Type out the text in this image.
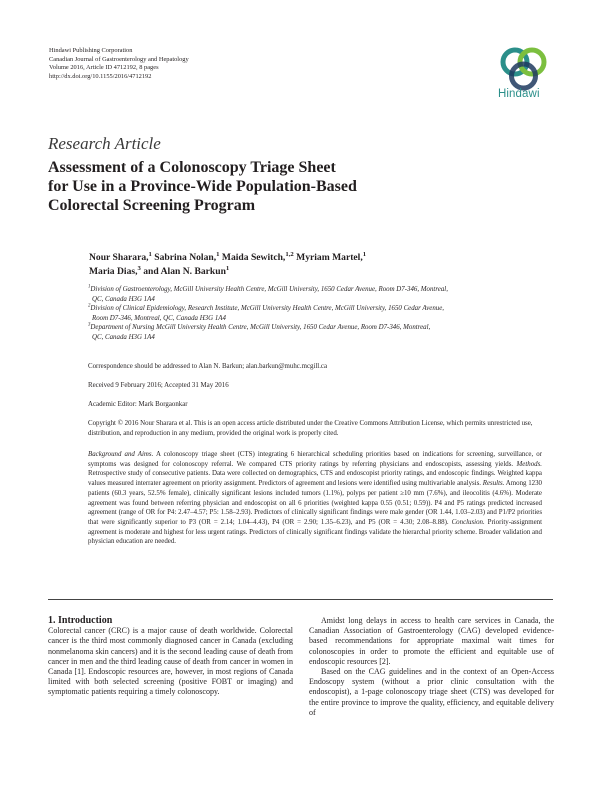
Hindawi Publishing Corporation
Canadian Journal of Gastroenterology and Hepatology
Volume 2016, Article ID 4712192, 8 pages
http://dx.doi.org/10.1155/2016/4712192
Hindawi
Research Article
Assessment of a Colonoscopy Triage Sheet
for Use in a Province-Wide Population-Based
Colorectal Screening Program
Nour Sharara,$^1$ Sabrina Nolan,$^1$ Maida Sewitch,$^{1,2}$ Myriam Martel,$^1$
Maria Dias,$^3$ and Alan N. Barkun$^1$
$^1$Division of Gastroenterology, McGill University Health Centre, McGill University, 1650 Cedar Avenue, Room D7-346, Montreal,
QC, Canada H3G 1A4
$^2$Division of Clinical Epidemiology, Research Institute, McGill University Health Centre, McGill University, 1650 Cedar Avenue,
Room D7-346, Montreal, QC, Canada H3G 1A4
$^3$Department of Nursing McGill University Health Centre, McGill University, 1650 Cedar Avenue, Room D7-346, Montreal,
QC, Canada H3G 1A4
Correspondence should be addressed to Alan N. Barkun; alan.barkun@muhc.mcgill.ca
Received 9 February 2016; Accepted 31 May 2016
Academic Editor: Mark Borgaonkar
Copyright © 2016 Nour Sharara et al. This is an open access article distributed under the Creative Commons Attribution License, which permits unrestricted use, distribution, and reproduction in any medium, provided the original work is properly cited.
Background and Aims. A colonoscopy triage sheet (CTS) integrating 6 hierarchical scheduling priorities based on indications for screening, surveillance, or symptoms was designed for colonoscopy referral. We compared CTS priority ratings by referring physicians and endoscopists, assessing yields. Methods. Retrospective study of consecutive patients. Data were collected on demographics, CTS and endoscopist priority ratings, and endoscopic findings. Weighted kappa values measured interrater agreement on priority assignment. Predictors of agreement and lesions were identified using multivariable analysis. Results. Among 1230 patients (60.3 years, 52.5% female), clinically significant lesions included tumors (1.1%), polyps per patient ≥10 mm (7.6%), and ileocolitis (4.6%). Moderate agreement was found between referring physician and endoscopist on all 6 priorities (weighted kappa 0.55 (0.51; 0.59)). P4 and P5 ratings predicted increased agreement (range of OR for P4: 2.47–4.57; P5: 1.58–2.93). Predictors of clinically significant findings were male gender (OR 1.44, 1.03–2.03) and P1/P2 priorities that were significantly superior to P3 (OR = 2.14; 1.04–4.43), P4 (OR = 2.90; 1.35–6.23), and P5 (OR = 4.30; 2.08–8.88). Conclusion. Priority-assignment agreement is moderate and highest for less urgent ratings. Predictors of clinically significant findings validate the hierarchal priority scheme. Broader validation and physician education are needed.

1. Introduction

Colorectal cancer (CRC) is a major cause of death worldwide. Colorectal cancer is the third most commonly diagnosed cancer in Canada (excluding nonmelanoma skin cancers) and it is the second leading cause of death from cancer in men and the third leading cause of death from cancer in women in Canada [1]. Endoscopic resources are, however, in most regions of Canada limited with both selected screening (positive FOBT or imaging) and symptomatic patients requiring a timely colonoscopy.

Amidst long delays in access to health care services in Canada, the Canadian Association of Gastroenterology (CAG) developed evidence-based recommendations for appropriate maximal wait times for colonoscopies in order to promote the efficient and equitable use of endoscopic resources [2].

Based on the CAG guidelines and in the context of an Open-Access Endoscopy system (without a prior clinic consultation with the endoscopist), a 1-page colonoscopy triage sheet (CTS) was developed for the entire province to improve the quality, efficiency, and equitable delivery of
